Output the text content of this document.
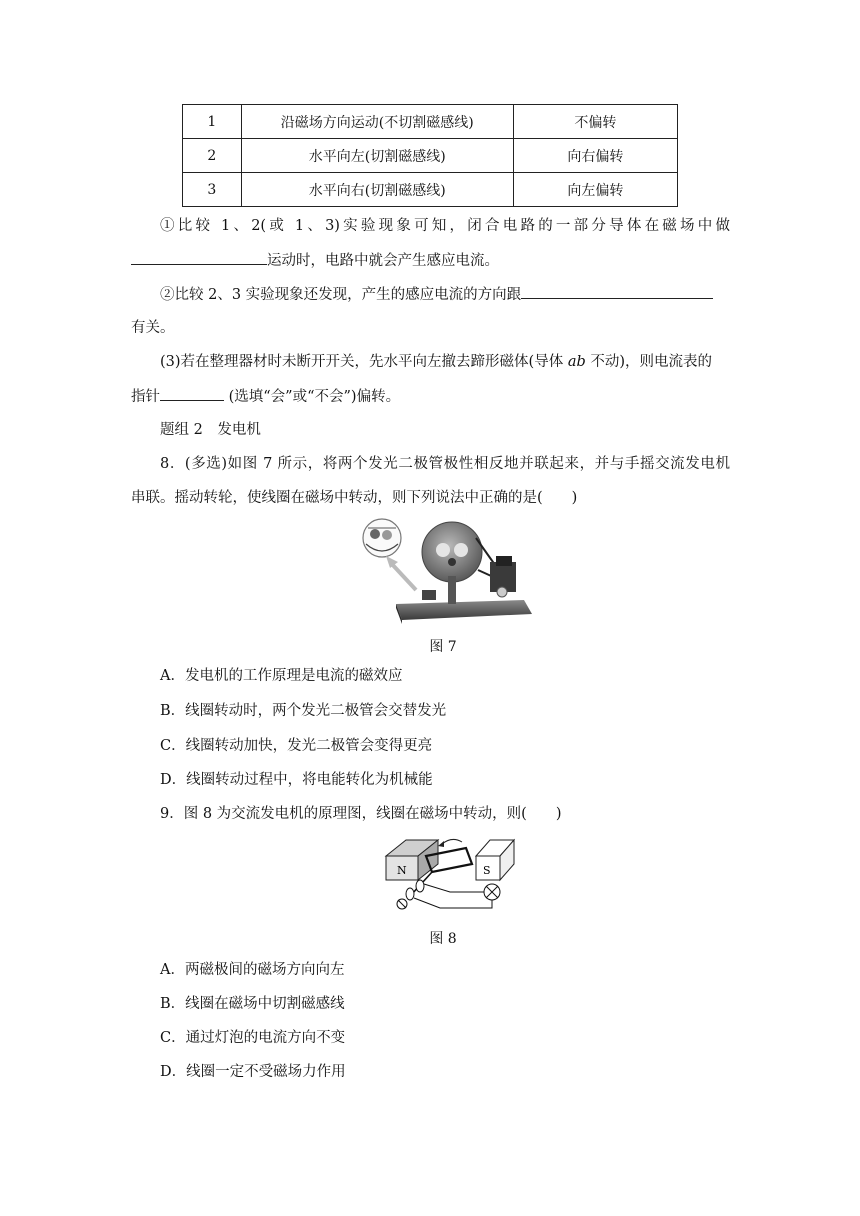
1	沿磁场方向运动(不切割磁感线)	不偏转
2	水平向左(切割磁感线)	向右偏转
3	水平向右(切割磁感线)	向左偏转
①比较 1、2(或 1、3)实验现象可知，闭合电路的一部分导体在磁场中做
运动时，电路中就会产生感应电流。
②比较 2、3 实验现象还发现，产生的感应电流的方向跟
有关。
(3)若在整理器材时未断开开关，先水平向左撤去蹄形磁体(导体 ab 不动)，则电流表的
指针	(选填“会”或“不会”)偏转。
题组 2　发电机
8．(多选)如图 7 所示，将两个发光二极管极性相反地并联起来，并与手摇交流发电机
串联。摇动转轮，使线圈在磁场中转动，则下列说法中正确的是(　　)
图 7
A．发电机的工作原理是电流的磁效应
B．线圈转动时，两个发光二极管会交替发光
C．线圈转动加快，发光二极管会变得更亮
D．线圈转动过程中，将电能转化为机械能
9．图 8 为交流发电机的原理图，线圈在磁场中转动，则(　　)
N	S
图 8
A．两磁极间的磁场方向向左
B．线圈在磁场中切割磁感线
C．通过灯泡的电流方向不变
D．线圈一定不受磁场力作用
